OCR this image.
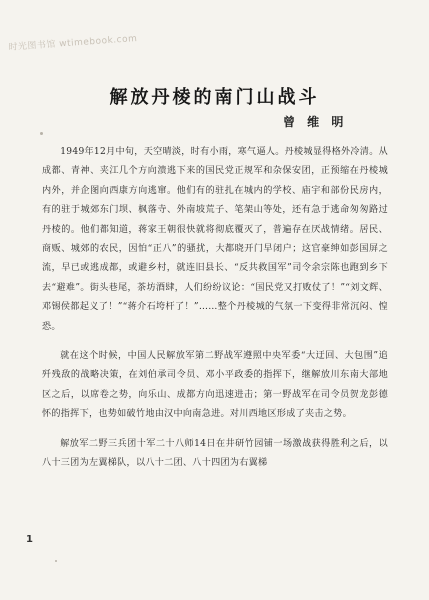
时光图书馆 wtimebook.com
解放丹棱的南门山战斗
曾 维 明

1949年12月中旬，天空晴淡，时有小雨，寒气逼人。丹棱城显得格外冷清。从成都、青神、夹江几个方向溃逃下来的国民党正规军和杂保安团，正预缩在丹棱城内外，并企图向西康方向逃窜。他们有的驻扎在城内的学校、庙宇和部份民房内，有的驻于城郊东门坝、枫落寺、外南坡荒子、笔架山等处，还有急于逃命匆匆路过丹棱的。他们都知道，蒋家王朝很快就将彻底覆灭了，普遍存在厌战情绪。居民、商贩、城郊的农民，因怕“正八”的骚扰，大都晓开门早闭户；这官豪绅如彭国屏之流，早已或逃成都，或避乡村，就连旧县长、“反共救国军”司令余宗陈也跑到乡下去“避难”。街头巷尾，茶坊酒肆，人们纷纷议论：“国民党又打败仗了！”“刘文辉、邓锡侯都起义了！”“蒋介石垮杆了！”……整个丹棱城的气氛一下变得非常沉闷、惶恐。

就在这个时候，中国人民解放军第二野战军遵照中央军委“大迂回、大包围”追歼残敌的战略决策，在刘伯承司令员、邓小平政委的指挥下，继解放川东南大部地区之后，以席卷之势，向乐山、成都方向迅速进击；第一野战军在司令员贺龙彭德怀的指挥下，也势如破竹地由汉中向南急进。对川西地区形成了夹击之势。

解放军二野三兵团十军二十八师14日在井研竹园铺一场激战获得胜利之后，以八十三团为左翼梯队，以八十二团、八十四团为右翼梯

1
